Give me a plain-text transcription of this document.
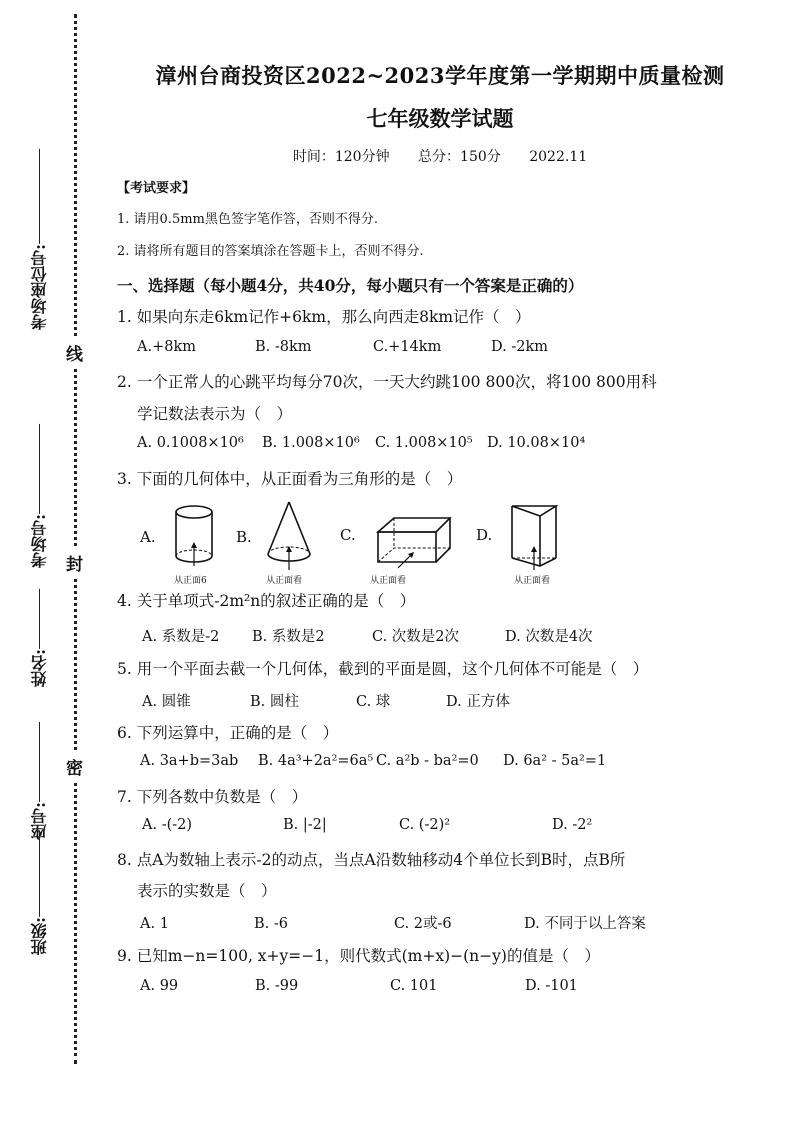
线
封
密
考场座位号:
考场号:
姓名:
座号:
班级:
漳州台商投资区2022~2023学年度第一学期期中质量检测
七年级数学试题
时间：120分钟 总分：150分 2022.11
【考试要求】
1. 请用0.5mm黑色签字笔作答，否则不得分.
2. 请将所有题目的答案填涂在答题卡上，否则不得分.
一、选择题（每小题4分，共40分，每小题只有一个答案是正确的）
1. 如果向东走6km记作+6km，那么向西走8km记作（　）
A.+8km	B. -8km	C.+14km	D. -2km
2. 一个正常人的心跳平均每分70次，一天大约跳100 800次，将100 800用科
学记数法表示为（　）
A. 0.1008×10⁶ B. 1.008×10⁶ C. 1.008×10⁵ D. 10.08×10⁴
3. 下面的几何体中，从正面看为三角形的是（　）
A.
从正面6
B.
从正面看
C.
从正面看
D.
从正面看
4. 关于单项式-2m²n的叙述正确的是（　）
A. 系数是-2 B. 系数是2	C. 次数是2次	D. 次数是4次
5. 用一个平面去截一个几何体，截到的平面是圆，这个几何体不可能是（　）
A. 圆锥	B. 圆柱	C. 球	D. 正方体
6. 下列运算中，正确的是（　）
A. 3a+b=3ab B. 4a³+2a²=6a⁵ C. a²b - ba²=0 D. 6a² - 5a²=1
7. 下列各数中负数是（　）
A. -(-2)	B. |-2|	C. (-2)²	D. -2²
8. 点A为数轴上表示-2的动点，当点A沿数轴移动4个单位长到B时，点B所
表示的实数是（　）
A. 1	B. -6	C. 2或-6	D. 不同于以上答案
9. 已知m−n=100, x+y=−1，则代数式(m+x)−(n−y)的值是（　）
A. 99	B. -99	C. 101	D. -101
